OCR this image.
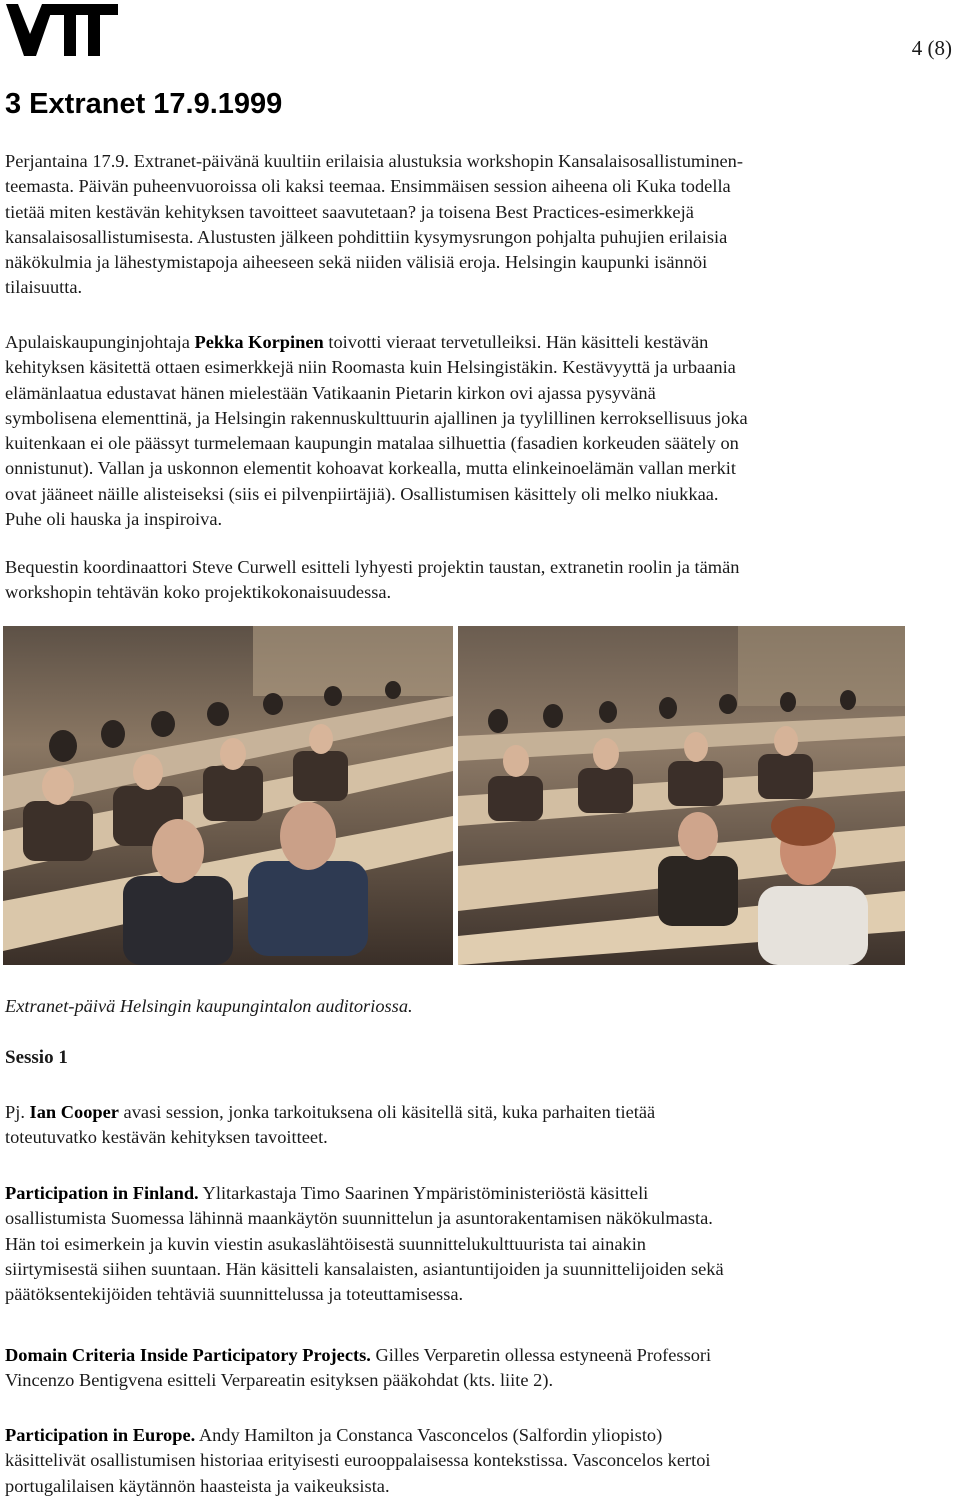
4 (8)
3 Extranet 17.9.1999
Perjantaina 17.9. Extranet-päivänä kuultiin erilaisia alustuksia workshopin Kansalaisosallistuminen-
teemasta. Päivän puheenvuoroissa oli kaksi teemaa. Ensimmäisen session aiheena oli Kuka todella
tietää miten kestävän kehityksen tavoitteet saavutetaan? ja toisena Best Practices-esimerkkejä
kansalaisosallistumisesta. Alustusten jälkeen pohdittiin kysymysrungon pohjalta puhujien erilaisia
näkökulmia ja lähestymistapoja aiheeseen sekä niiden välisiä eroja. Helsingin kaupunki isännöi
tilaisuutta.
Apulaiskaupunginjohtaja Pekka Korpinen toivotti vieraat tervetulleiksi. Hän käsitteli kestävän
kehityksen käsitettä ottaen esimerkkejä niin Roomasta kuin Helsingistäkin. Kestävyyttä ja urbaania
elämänlaatua edustavat hänen mielestään Vatikaanin Pietarin kirkon ovi ajassa pysyvänä
symbolisena elementtinä, ja Helsingin rakennuskulttuurin ajallinen ja tyylillinen kerroksellisuus joka
kuitenkaan ei ole päässyt turmelemaan kaupungin matalaa silhuettia (fasadien korkeuden säätely on
onnistunut). Vallan ja uskonnon elementit kohoavat korkealla, mutta elinkeinoelämän vallan merkit
ovat jääneet näille alisteiseksi (siis ei pilvenpiirtäjiä). Osallistumisen käsittely oli melko niukkaa.
Puhe oli hauska ja inspiroiva.
Bequestin koordinaattori Steve Curwell esitteli lyhyesti projektin taustan, extranetin roolin ja tämän
workshopin tehtävän koko projektikokonaisuudessa.

Extranet-päivä Helsingin kaupungintalon auditoriossa.

Sessio 1

Pj. Ian Cooper avasi session, jonka tarkoituksena oli käsitellä sitä, kuka parhaiten tietää
toteutuvatko kestävän kehityksen tavoitteet.
Participation in Finland. Ylitarkastaja Timo Saarinen Ympäristöministeriöstä käsitteli
osallistumista Suomessa lähinnä maankäytön suunnittelun ja asuntorakentamisen näkökulmasta.
Hän toi esimerkein ja kuvin viestin asukaslähtöisestä suunnittelukulttuurista tai ainakin
siirtymisestä siihen suuntaan. Hän käsitteli kansalaisten, asiantuntijoiden ja suunnittelijoiden sekä
päätöksentekijöiden tehtäviä suunnittelussa ja toteuttamisessa.
Domain Criteria Inside Participatory Projects. Gilles Verparetin ollessa estyneenä Professori
Vincenzo Bentigvena esitteli Verpareatin esityksen pääkohdat (kts. liite 2).
Participation in Europe. Andy Hamilton ja Constanca Vasconcelos (Salfordin yliopisto)
käsittelivät osallistumisen historiaa erityisesti eurooppalaisessa kontekstissa. Vasconcelos kertoi
portugalilaisen käytännön haasteista ja vaikeuksista.
